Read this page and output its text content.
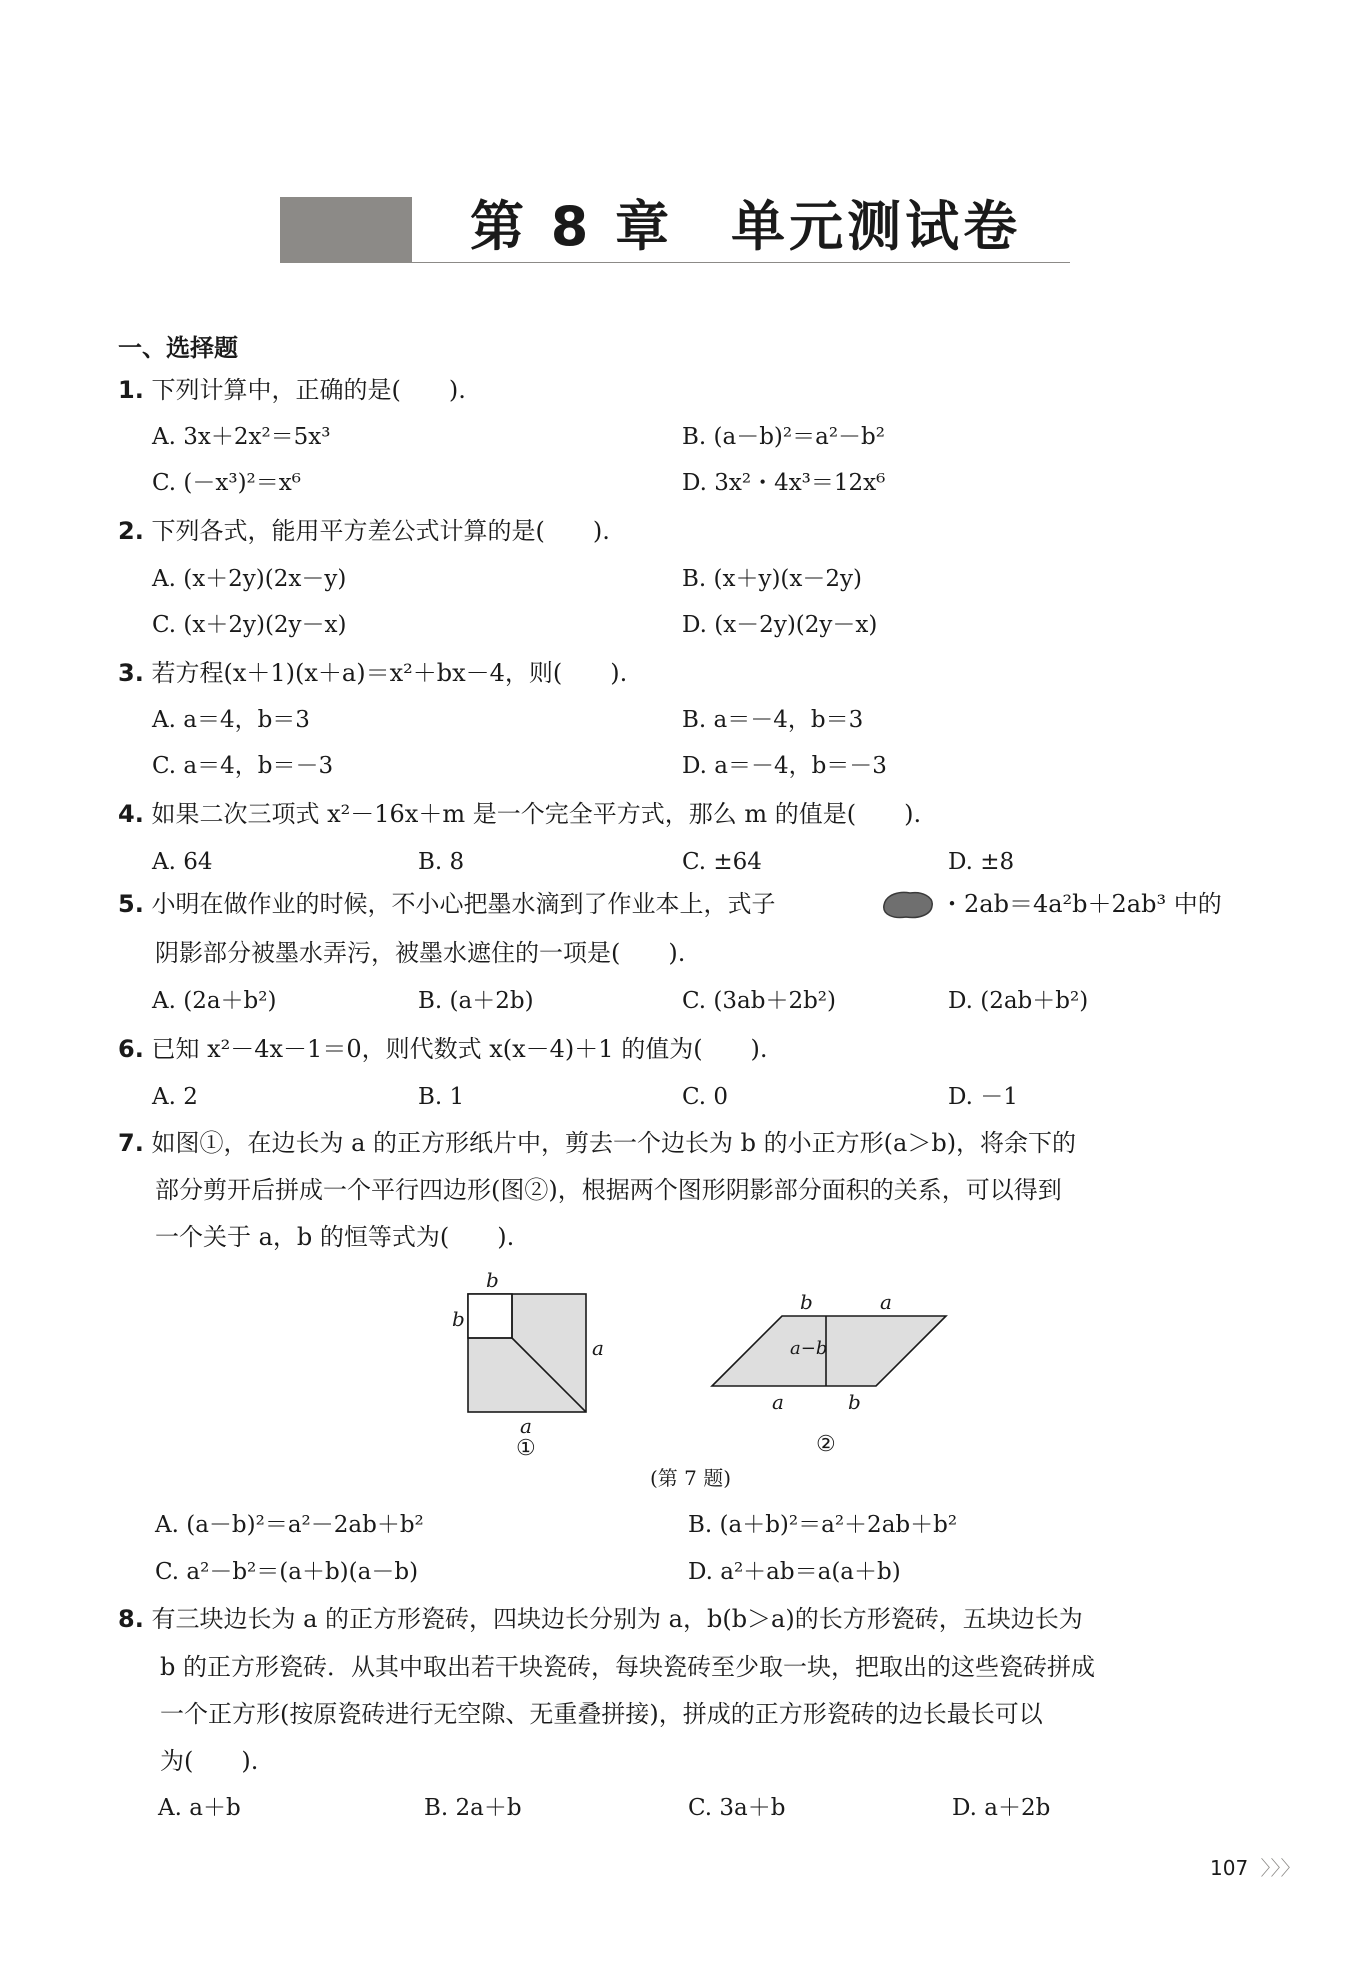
第 8 章　单元测试卷
一、选择题
1. 下列计算中，正确的是(　　).
A. 3x＋2x²＝5x³	B. (a－b)²＝a²－b²
C. (－x³)²＝x⁶	D. 3x²・4x³＝12x⁶
2. 下列各式，能用平方差公式计算的是(　　).
A. (x＋2y)(2x－y)	B. (x＋y)(x－2y)
C. (x＋2y)(2y－x)	D. (x－2y)(2y－x)
3. 若方程(x＋1)(x＋a)＝x²＋bx－4，则(　　).
A. a＝4，b＝3	B. a＝－4，b＝3
C. a＝4，b＝－3	D. a＝－4，b＝－3
4. 如果二次三项式 x²－16x＋m 是一个完全平方式，那么 m 的值是(　　).
A. 64	B. 8	C. ±64	D. ±8
5. 小明在做作业的时候，不小心把墨水滴到了作业本上，式子	・2ab＝4a²b＋2ab³ 中的
阴影部分被墨水弄污，被墨水遮住的一项是(　　).
A. (2a＋b²)	B. (a＋2b)	C. (3ab＋2b²)	D. (2ab＋b²)
6. 已知 x²－4x－1＝0，则代数式 x(x－4)＋1 的值为(　　).
A. 2	B. 1	C. 0	D. －1
7. 如图①，在边长为 a 的正方形纸片中，剪去一个边长为 b 的小正方形(a＞b)，将余下的
部分剪开后拼成一个平行四边形(图②)，根据两个图形阴影部分面积的关系，可以得到
一个关于 a，b 的恒等式为(　　).
b
b
a
a
①
b	a
a−b
a	b
②
(第 7 题)
A. (a－b)²＝a²－2ab＋b²	B. (a＋b)²＝a²＋2ab＋b²
C. a²－b²＝(a＋b)(a－b)	D. a²＋ab＝a(a＋b)
8. 有三块边长为 a 的正方形瓷砖，四块边长分别为 a，b(b＞a)的长方形瓷砖，五块边长为
b 的正方形瓷砖．从其中取出若干块瓷砖，每块瓷砖至少取一块，把取出的这些瓷砖拼成
一个正方形(按原瓷砖进行无空隙、无重叠拼接)，拼成的正方形瓷砖的边长最长可以
为(　　).
A. a＋b	B. 2a＋b	C. 3a＋b	D. a＋2b
107 〉〉〉
